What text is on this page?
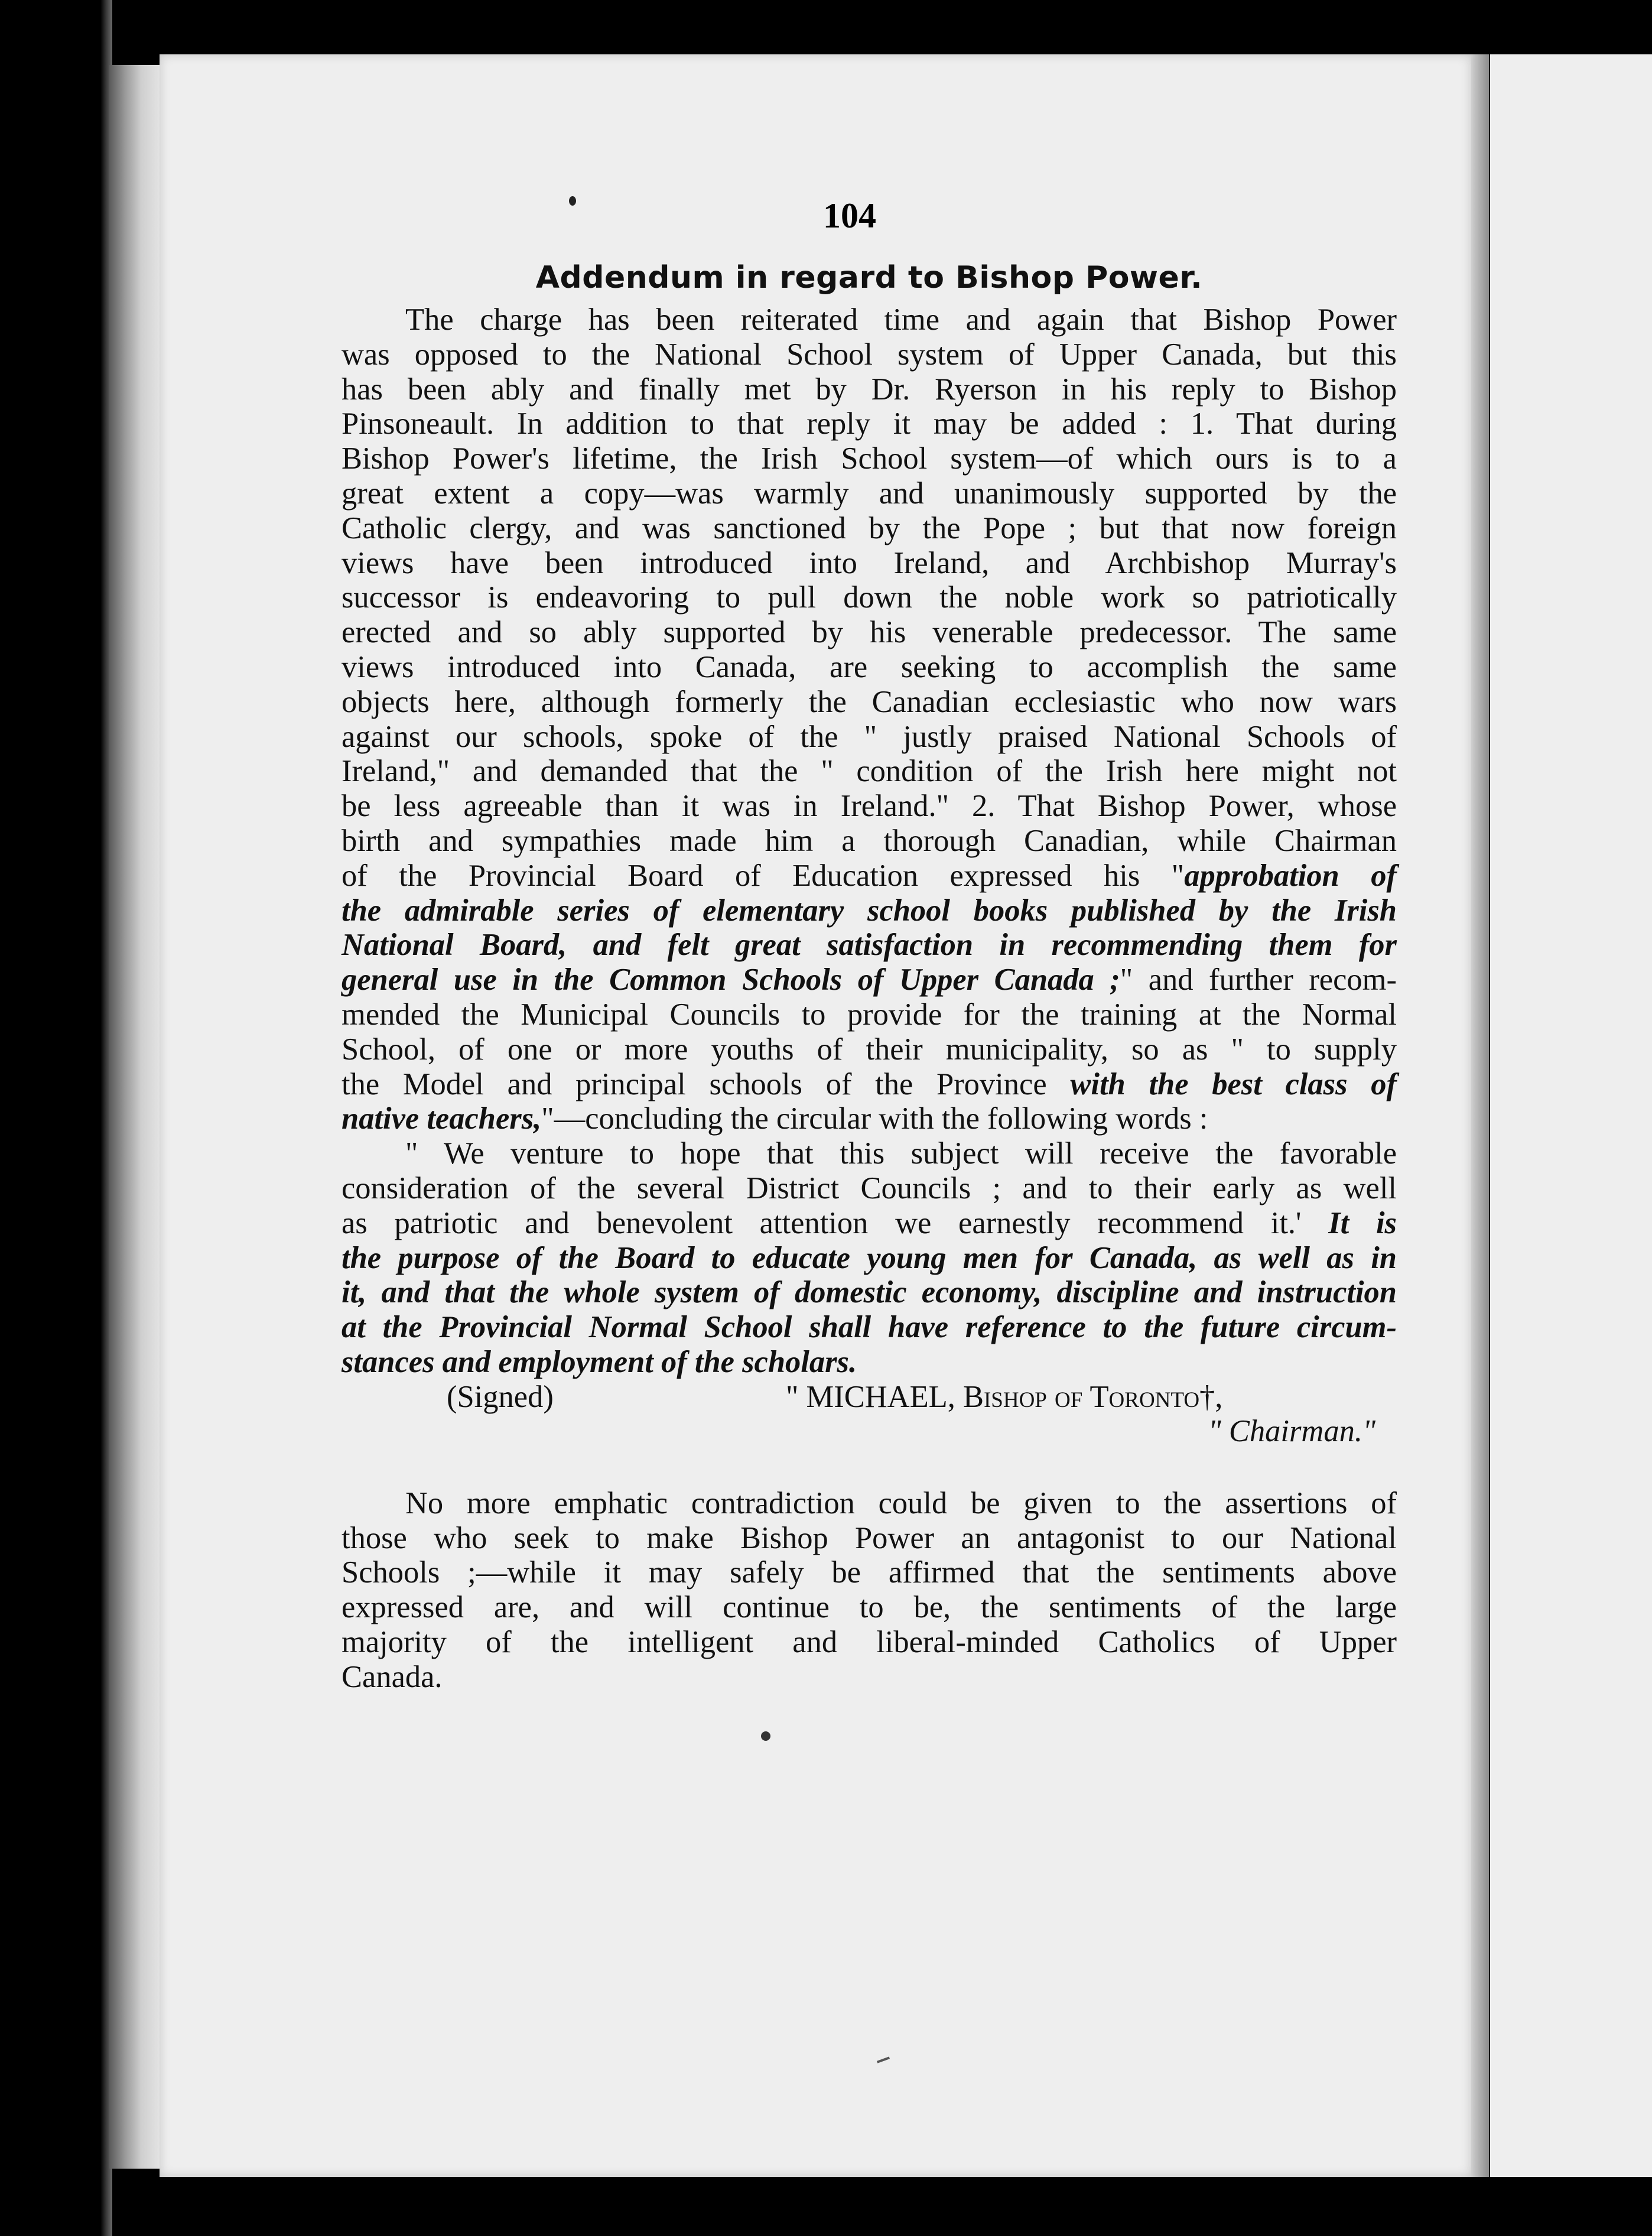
104
Addendum in regard to Bishop Power.
The charge has been reiterated time and again that Bishop Power
was opposed to the National School system of Upper Canada, but this
has been ably and finally met by Dr. Ryerson in his reply to Bishop
Pinsoneault. In addition to that reply it may be added : 1. That during
Bishop Power's lifetime, the Irish School system—of which ours is to a
great extent a copy—was warmly and unanimously supported by the
Catholic clergy, and was sanctioned by the Pope ; but that now foreign
views have been introduced into Ireland, and Archbishop Murray's
successor is endeavoring to pull down the noble work so patriotically
erected and so ably supported by his venerable predecessor. The same
views introduced into Canada, are seeking to accomplish the same
objects here, although formerly the Canadian ecclesiastic who now wars
against our schools, spoke of the " justly praised National Schools of
Ireland," and demanded that the " condition of the Irish here might not
be less agreeable than it was in Ireland." 2. That Bishop Power, whose
birth and sympathies made him a thorough Canadian, while Chairman
of the Provincial Board of Education expressed his "approbation of
the admirable series of elementary school books published by the Irish
National Board, and felt great satisfaction in recommending them for
general use in the Common Schools of Upper Canada ;" and further recom-
mended the Municipal Councils to provide for the training at the Normal
School, of one or more youths of their municipality, so as " to supply
the Model and principal schools of the Province with the best class of
native teachers,"—concluding the circular with the following words :
" We venture to hope that this subject will receive the favorable
consideration of the several District Councils ; and to their early as well
as patriotic and benevolent attention we earnestly recommend it.' It is
the purpose of the Board to educate young men for Canada, as well as in
it, and that the whole system of domestic economy, discipline and instruction
at the Provincial Normal School shall have reference to the future circum-
stances and employment of the scholars.
(Signed)	" MICHAEL, Bishop of Toronto†,
" Chairman."
No more emphatic contradiction could be given to the assertions of
those who seek to make Bishop Power an antagonist to our National
Schools ;—while it may safely be affirmed that the sentiments above
expressed are, and will continue to be, the sentiments of the large
majority of the intelligent and liberal-minded Catholics of Upper
Canada.
